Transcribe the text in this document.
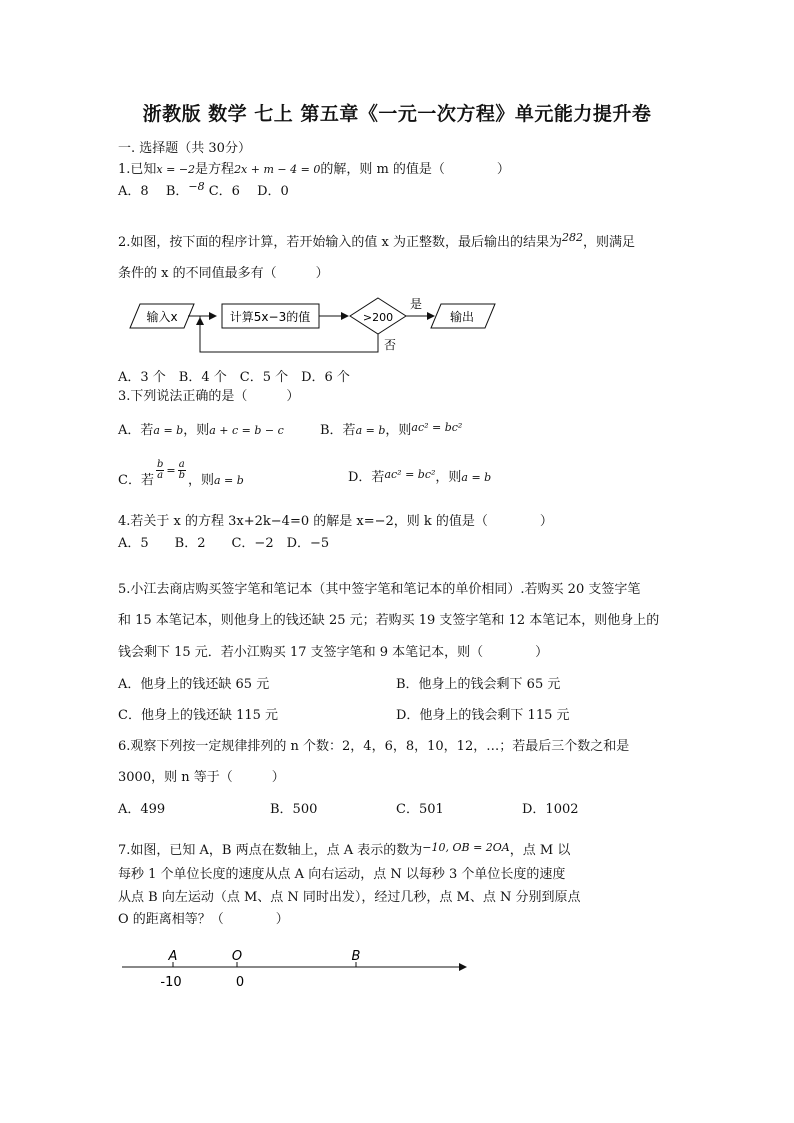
浙教版 数学 七上 第五章《一元一次方程》单元能力提升卷
一. 选择题（共 30分）
1.已知x = −2是方程2x + m − 4 = 0的解，则 m 的值是（　　　　）
A．8　 B．$^{-8}$ C．6　 D．0
2.如图，按下面的程序计算，若开始输入的值 x 为正整数，最后输出的结果为$^{282}$，则满足
条件的 x 的不同值最多有（　　　）
输入x	计算5x−3的值	>200
是
输出
否
A．3 个　B．4 个　C．5 个　D．6 个
3.下列说法正确的是（　　　）
A．若a = b，则a + c = b − c	B．若a = b，则$^{ac^2 = bc^2}$
C．若 $\frac{b}{a} ^= \frac{a}{b}$ ，则a = b	D．若$^{ac^2 = bc^2}$，则a = b
4.若关于 x 的方程 3x+2k−4=0 的解是 x=−2，则 k 的值是（　　　　）
A．5　　B．2　　C．−2　D．−5
5.小江去商店购买签字笔和笔记本（其中签字笔和笔记本的单价相同）.若购买 20 支签字笔
和 15 本笔记本，则他身上的钱还缺 25 元；若购买 19 支签字笔和 12 本笔记本，则他身上的
钱会剩下 15 元．若小江购买 17 支签字笔和 9 本笔记本，则（　　　　）
A．他身上的钱还缺 65 元	B．他身上的钱会剩下 65 元
C．他身上的钱还缺 115 元	D．他身上的钱会剩下 115 元
6.观察下列按一定规律排列的 n 个数：2，4，6，8，10，12，…；若最后三个数之和是
3000，则 n 等于（　　　）
A．499	B．500	C．501	D．1002
7.如图，已知 A，B 两点在数轴上，点 A 表示的数为$^{-10, OB = 2OA}$，点 M 以
每秒 1 个单位长度的速度从点 A 向右运动，点 N 以每秒 3 个单位长度的速度
从点 B 向左运动（点 M、点 N 同时出发），经过几秒，点 M、点 N 分别到原点
O 的距离相等？（　　　　）
A	O	B
-10	0
